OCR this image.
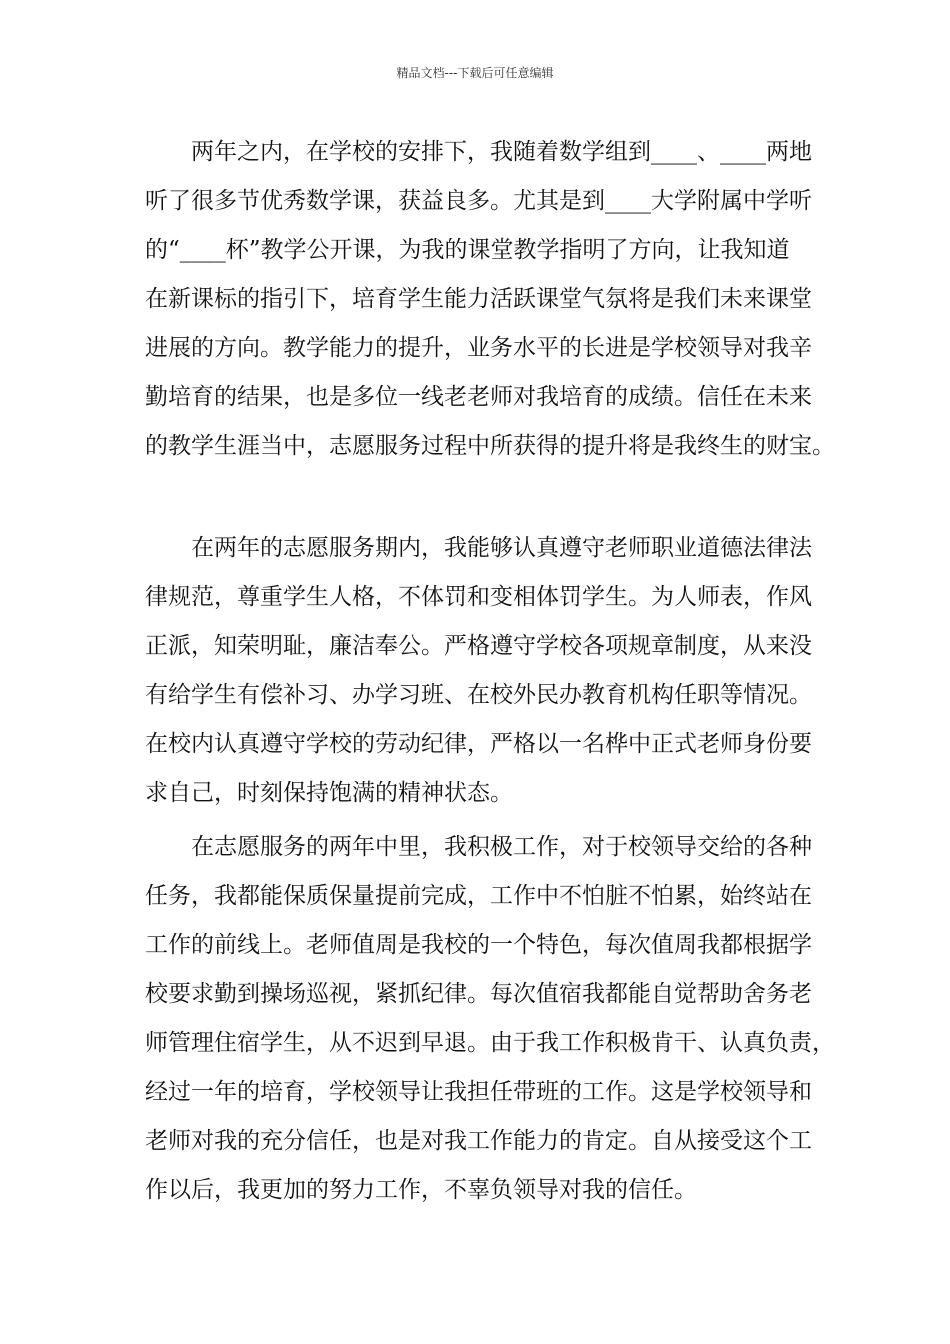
精品文档---下载后可任意编辑
两年之内，在学校的安排下，我随着数学组到____、____两地
听了很多节优秀数学课，获益良多。尤其是到____大学附属中学听
的“____杯”教学公开课，为我的课堂教学指明了方向，让我知道
在新课标的指引下，培育学生能力活跃课堂气氛将是我们未来课堂
进展的方向。教学能力的提升，业务水平的长进是学校领导对我辛
勤培育的结果，也是多位一线老老师对我培育的成绩。信任在未来
的教学生涯当中，志愿服务过程中所获得的提升将是我终生的财宝。
在两年的志愿服务期内，我能够认真遵守老师职业道德法律法
律规范，尊重学生人格，不体罚和变相体罚学生。为人师表，作风
正派，知荣明耻，廉洁奉公。严格遵守学校各项规章制度，从来没
有给学生有偿补习、办学习班、在校外民办教育机构任职等情况。
在校内认真遵守学校的劳动纪律，严格以一名桦中正式老师身份要
求自己，时刻保持饱满的精神状态。
在志愿服务的两年中里，我积极工作，对于校领导交给的各种
任务，我都能保质保量提前完成，工作中不怕脏不怕累，始终站在
工作的前线上。老师值周是我校的一个特色，每次值周我都根据学
校要求勤到操场巡视，紧抓纪律。每次值宿我都能自觉帮助舍务老
师管理住宿学生，从不迟到早退。由于我工作积极肯干、认真负责，
经过一年的培育，学校领导让我担任带班的工作。这是学校领导和
老师对我的充分信任，也是对我工作能力的肯定。自从接受这个工
作以后，我更加的努力工作，不辜负领导对我的信任。
